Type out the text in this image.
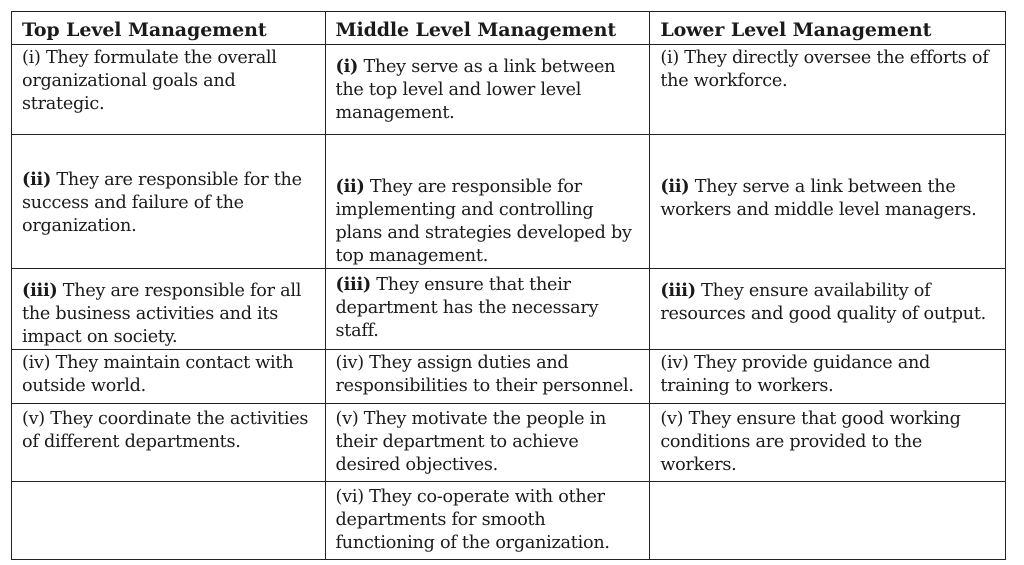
Top Level Management	Middle Level Management	Lower Level Management
(i) They formulate the overall organizational goals and strategic.	(i) They serve as a link between the top level and lower level management.	(i) They directly oversee the efforts of the workforce.
(ii) They are responsible for the success and failure of the organization.	(ii) They are responsible for implementing and controlling plans and strategies developed by top management.	(ii) They serve a link between the workers and middle level managers.
(iii) They are responsible for all the business activities and its impact on society.	(iii) They ensure that their department has the necessary staff.	(iii) They ensure availability of resources and good quality of output.
(iv) They maintain contact with outside world.	(iv) They assign duties and responsibilities to their personnel.	(iv) They provide guidance and training to workers.
(v) They coordinate the activities of different departments.	(v) They motivate the people in their department to achieve desired objectives.	(v) They ensure that good working conditions are provided to the workers.
	(vi) They co-operate with other departments for smooth functioning of the organization.	
